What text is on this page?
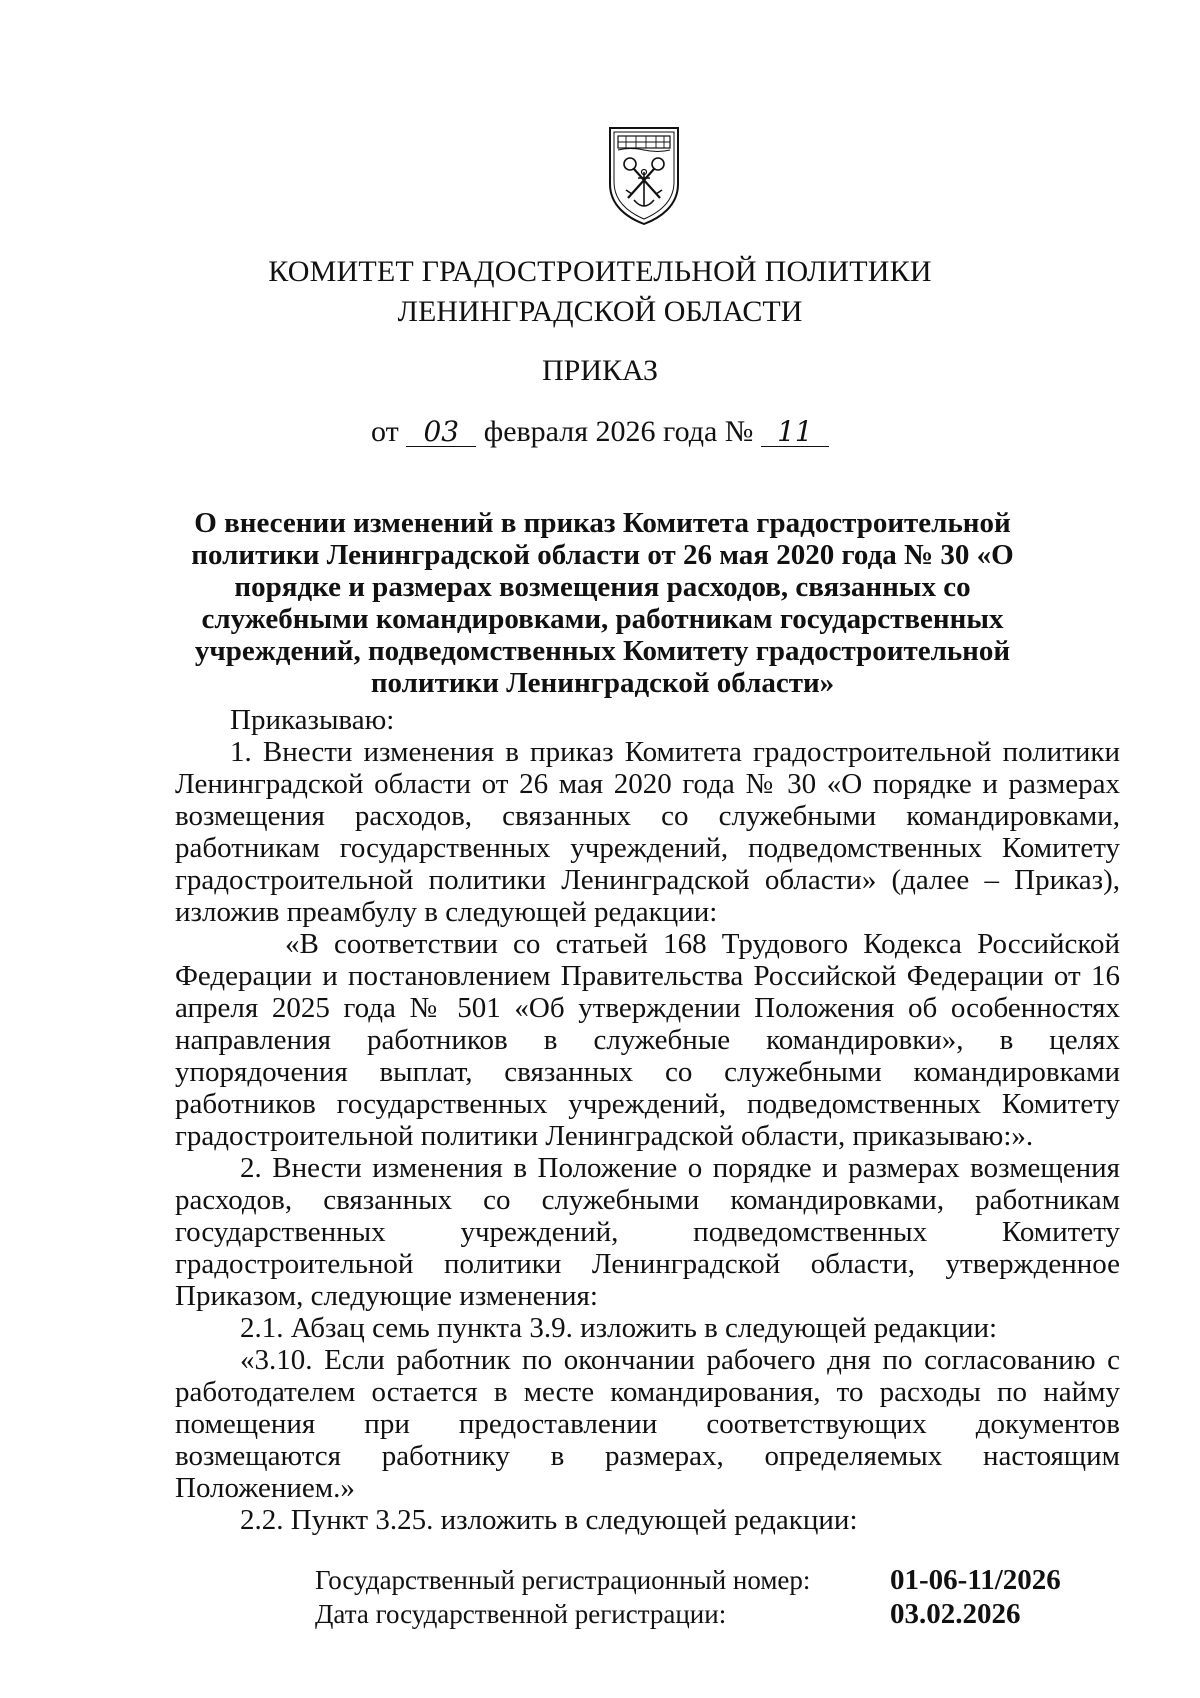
КОМИТЕТ ГРАДОСТРОИТЕЛЬНОЙ ПОЛИТИКИ
ЛЕНИНГРАДСКОЙ ОБЛАСТИ
ПРИКАЗ
от 03 февраля 2026 года № 11
О внесении изменений в приказ Комитета градостроительной политики Ленинградской области от 26 мая 2020 года № 30 «О порядке и размерах возмещения расходов, связанных со служебными командировками, работникам государственных учреждений, подведомственных Комитету градостроительной политики Ленинградской области»

Приказываю:

1. Внести изменения в приказ Комитета градостроительной политики Ленинградской области от 26 мая 2020 года № 30 «О порядке и размерах возмещения расходов, связанных со служебными командировками, работникам государственных учреждений, подведомственных Комитету градостроительной политики Ленинградской области» (далее – Приказ), изложив преамбулу в следующей редакции:

«В соответствии со статьей 168 Трудового Кодекса Российской Федерации и постановлением Правительства Российской Федерации от 16 апреля 2025 года № 501 «Об утверждении Положения об особенностях направления работников в служебные командировки», в целях упорядочения выплат, связанных со служебными командировками работников государственных учреждений, подведомственных Комитету градостроительной политики Ленинградской области, приказываю:».

2. Внести изменения в Положение о порядке и размерах возмещения расходов, связанных со служебными командировками, работникам государственных учреждений, подведомственных Комитету градостроительной политики Ленинградской области, утвержденное Приказом, следующие изменения:

2.1. Абзац семь пункта 3.9. изложить в следующей редакции:

«3.10. Если работник по окончании рабочего дня по согласованию с работодателем остается в месте командирования, то расходы по найму помещения при предоставлении соответствующих документов возмещаются работнику в размерах, определяемых настоящим Положением.»

2.2. Пункт 3.25. изложить в следующей редакции:

Государственный регистрационный номер:	01-06-11/2026
Дата государственной регистрации:	03.02.2026
